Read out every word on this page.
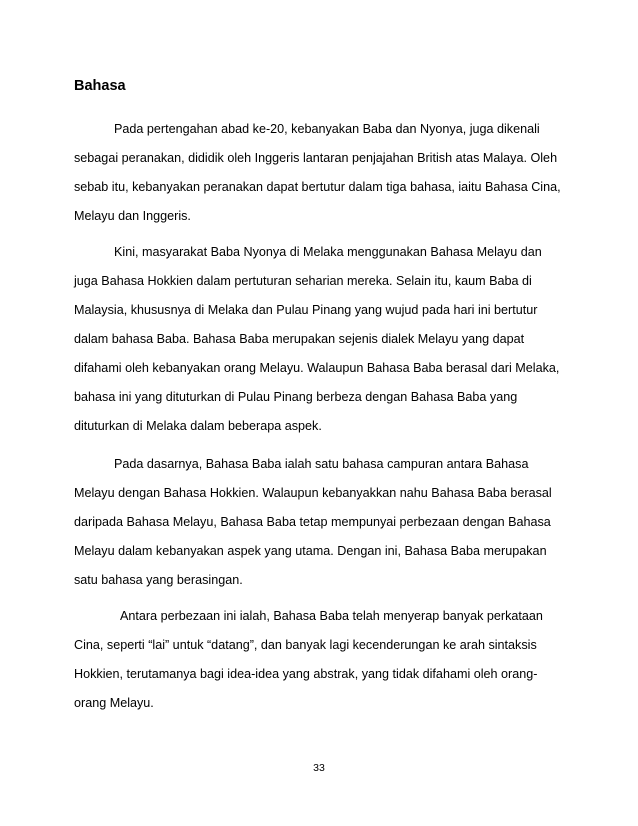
Bahasa
Pada pertengahan abad ke-20, kebanyakan Baba dan Nyonya, juga dikenali
sebagai peranakan, dididik oleh Inggeris lantaran penjajahan British atas Malaya. Oleh
sebab itu, kebanyakan peranakan dapat bertutur dalam tiga bahasa, iaitu Bahasa Cina,
Melayu dan Inggeris.
Kini, masyarakat Baba Nyonya di Melaka menggunakan Bahasa Melayu dan
juga Bahasa Hokkien dalam pertuturan seharian mereka. Selain itu, kaum Baba di
Malaysia, khususnya di Melaka dan Pulau Pinang yang wujud pada hari ini bertutur
dalam bahasa Baba. Bahasa Baba merupakan sejenis dialek Melayu yang dapat
difahami oleh kebanyakan orang Melayu. Walaupun Bahasa Baba berasal dari Melaka,
bahasa ini yang dituturkan di Pulau Pinang berbeza dengan Bahasa Baba yang
dituturkan di Melaka dalam beberapa aspek.
Pada dasarnya, Bahasa Baba ialah satu bahasa campuran antara Bahasa
Melayu dengan Bahasa Hokkien. Walaupun kebanyakkan nahu Bahasa Baba berasal
daripada Bahasa Melayu, Bahasa Baba tetap mempunyai perbezaan dengan Bahasa
Melayu dalam kebanyakan aspek yang utama. Dengan ini, Bahasa Baba merupakan
satu bahasa yang berasingan.
Antara perbezaan ini ialah, Bahasa Baba telah menyerap banyak perkataan
Cina, seperti “lai” untuk “datang”, dan banyak lagi kecenderungan ke arah sintaksis
Hokkien, terutamanya bagi idea-idea yang abstrak, yang tidak difahami oleh orang-
orang Melayu.
33
